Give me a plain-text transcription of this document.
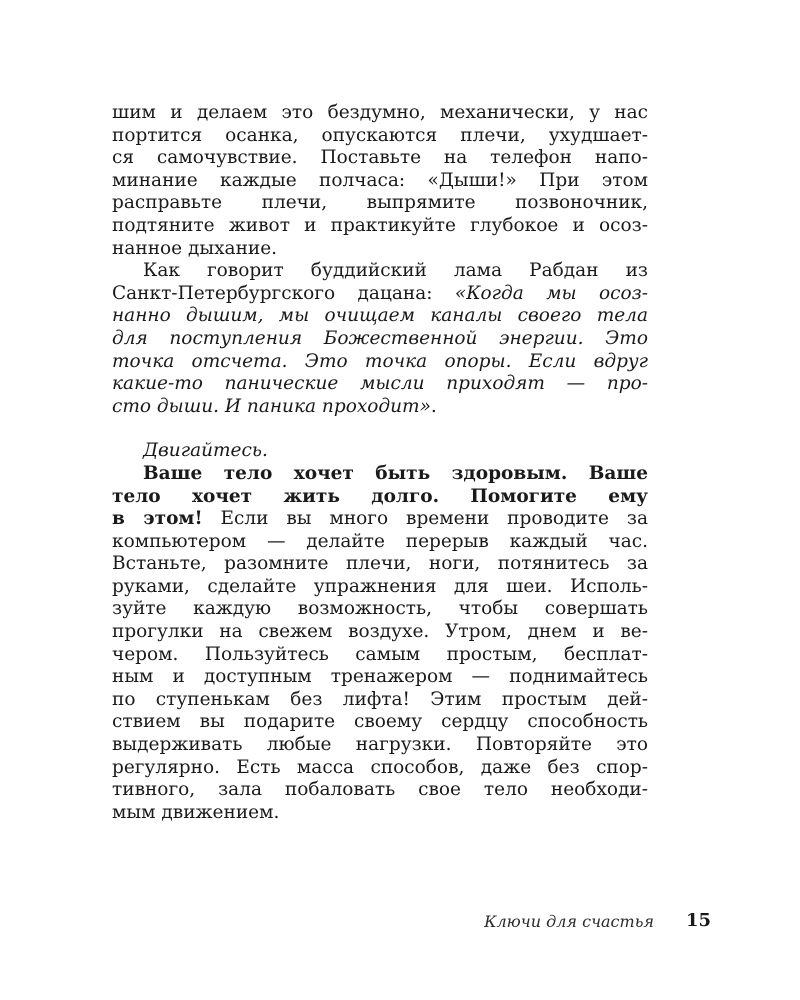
шим и делаем это бездумно, механически, у нас
портится осанка, опускаются плечи, ухудшает-
ся самочувствие. Поставьте на телефон напо-
минание каждые полчаса: «Дыши!» При этом
расправьте плечи, выпрямите позвоночник,
подтяните живот и практикуйте глубокое и осоз-
нанное дыхание.
Как говорит буддийский лама Рабдан из
Санкт-Петербургского дацана: «Когда мы осоз-
нанно дышим, мы очищаем каналы своего тела
для поступления Божественной энергии. Это
точка отсчета. Это точка опоры. Если вдруг
какие-то панические мысли приходят — про-
сто дыши. И паника проходит».
Двигайтесь.
Ваше тело хочет быть здоровым. Ваше
тело хочет жить долго. Помогите ему
в этом! Если вы много времени проводите за
компьютером — делайте перерыв каждый час.
Встаньте, разомните плечи, ноги, потянитесь за
руками, сделайте упражнения для шеи. Исполь-
зуйте каждую возможность, чтобы совершать
прогулки на свежем воздухе. Утром, днем и ве-
чером. Пользуйтесь самым простым, бесплат-
ным и доступным тренажером — поднимайтесь
по ступенькам без лифта! Этим простым дей-
ствием вы подарите своему сердцу способность
выдерживать любые нагрузки. Повторяйте это
регулярно. Есть масса способов, даже без спор-
тивного, зала побаловать свое тело необходи-
мым движением.
Ключи для счастья 15
